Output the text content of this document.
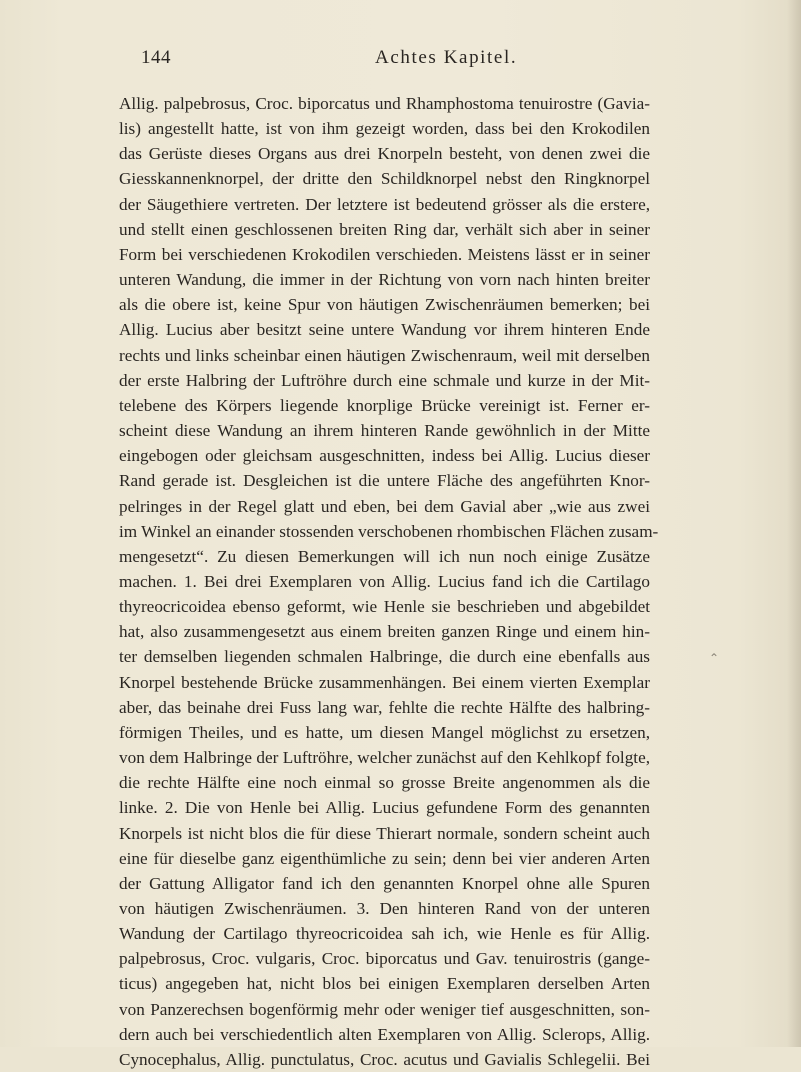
144	Achtes Kapitel.
Allig. palpebrosus, Croc. biporcatus und Rhamphostoma tenuirostre (Gavia-
lis) angestellt hatte, ist von ihm gezeigt worden, dass bei den Krokodilen
das Gerüste dieses Organs aus drei Knorpeln besteht, von denen zwei die
Giesskannenknorpel, der dritte den Schildknorpel nebst den Ringknorpel
der Säugethiere vertreten. Der letztere ist bedeutend grösser als die erstere,
und stellt einen geschlossenen breiten Ring dar, verhält sich aber in seiner
Form bei verschiedenen Krokodilen verschieden. Meistens lässt er in seiner
unteren Wandung, die immer in der Richtung von vorn nach hinten breiter
als die obere ist, keine Spur von häutigen Zwischenräumen bemerken; bei
Allig. Lucius aber besitzt seine untere Wandung vor ihrem hinteren Ende
rechts und links scheinbar einen häutigen Zwischenraum, weil mit derselben
der erste Halbring der Luftröhre durch eine schmale und kurze in der Mit-
telebene des Körpers liegende knorplige Brücke vereinigt ist. Ferner er-
scheint diese Wandung an ihrem hinteren Rande gewöhnlich in der Mitte
eingebogen oder gleichsam ausgeschnitten, indess bei Allig. Lucius dieser
Rand gerade ist. Desgleichen ist die untere Fläche des angeführten Knor-
pelringes in der Regel glatt und eben, bei dem Gavial aber „wie aus zwei
im Winkel an einander stossenden verschobenen rhombischen Flächen zusam-
mengesetzt“. Zu diesen Bemerkungen will ich nun noch einige Zusätze
machen. 1. Bei drei Exemplaren von Allig. Lucius fand ich die Cartilago
thyreocricoidea ebenso geformt, wie Henle sie beschrieben und abgebildet
hat, also zusammengesetzt aus einem breiten ganzen Ringe und einem hin-
ter demselben liegenden schmalen Halbringe, die durch eine ebenfalls aus
Knorpel bestehende Brücke zusammenhängen. Bei einem vierten Exemplar
aber, das beinahe drei Fuss lang war, fehlte die rechte Hälfte des halbring-
förmigen Theiles, und es hatte, um diesen Mangel möglichst zu ersetzen,
von dem Halbringe der Luftröhre, welcher zunächst auf den Kehlkopf folgte,
die rechte Hälfte eine noch einmal so grosse Breite angenommen als die
linke. 2. Die von Henle bei Allig. Lucius gefundene Form des genannten
Knorpels ist nicht blos die für diese Thierart normale, sondern scheint auch
eine für dieselbe ganz eigenthümliche zu sein; denn bei vier anderen Arten
der Gattung Alligator fand ich den genannten Knorpel ohne alle Spuren
von häutigen Zwischenräumen. 3. Den hinteren Rand von der unteren
Wandung der Cartilago thyreocricoidea sah ich, wie Henle es für Allig.
palpebrosus, Croc. vulgaris, Croc. biporcatus und Gav. tenuirostris (gange-
ticus) angegeben hat, nicht blos bei einigen Exemplaren derselben Arten
von Panzerechsen bogenförmig mehr oder weniger tief ausgeschnitten, son-
dern auch bei verschiedentlich alten Exemplaren von Allig. Sclerops, Allig.
Cynocephalus, Allig. punctulatus, Croc. acutus und Gavialis Schlegelii. Bei
⌃
